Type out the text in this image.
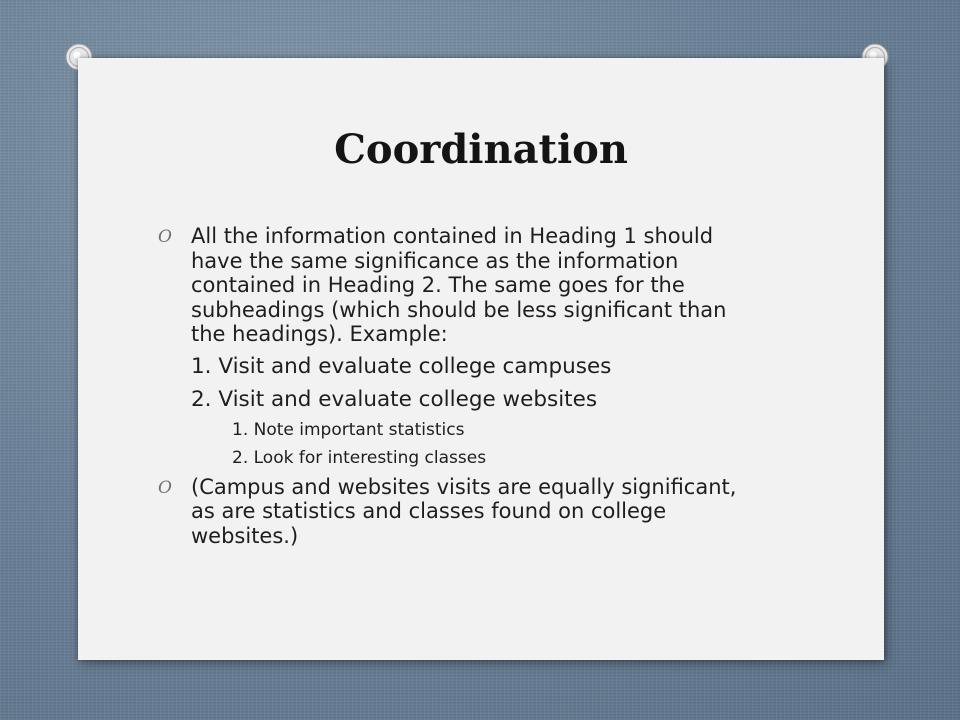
Coordination
O All the information contained in Heading 1 should have the same significance as the information contained in Heading 2. The same goes for the subheadings (which should be less significant than the headings). Example:
1. Visit and evaluate college campuses
2. Visit and evaluate college websites
1. Note important statistics
2. Look for interesting classes
O (Campus and websites visits are equally significant, as are statistics and classes found on college websites.)
